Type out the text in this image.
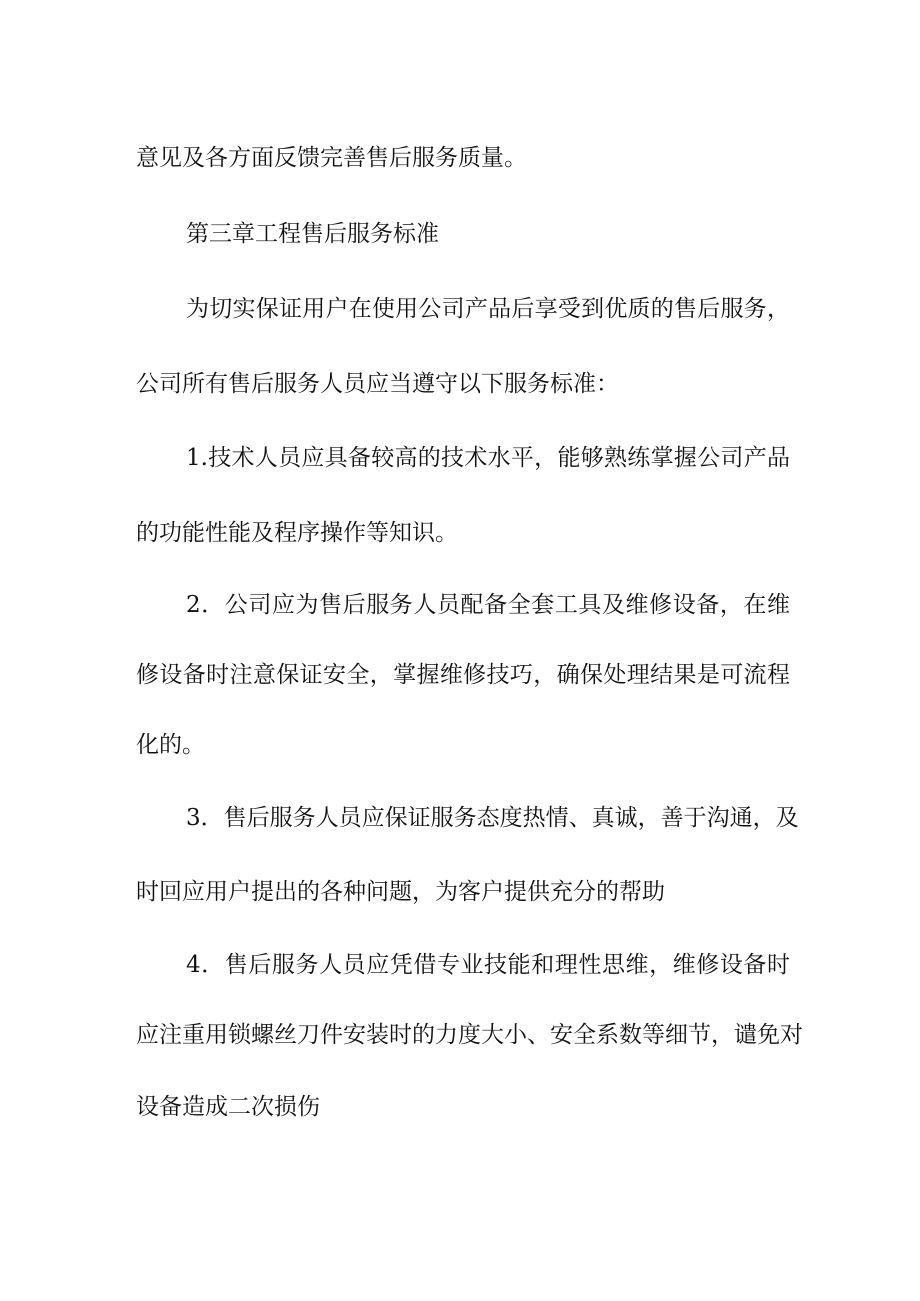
意见及各方面反馈完善售后服务质量。
第三章工程售后服务标准
为切实保证用户在使用公司产品后享受到优质的售后服务，
公司所有售后服务人员应当遵守以下服务标准：
1.技术人员应具备较高的技术水平，能够熟练掌握公司产品
的功能性能及程序操作等知识。
2．公司应为售后服务人员配备全套工具及维修设备，在维
修设备时注意保证安全，掌握维修技巧，确保处理结果是可流程
化的。
3．售后服务人员应保证服务态度热情、真诚，善于沟通，及
时回应用户提出的各种问题，为客户提供充分的帮助
4．售后服务人员应凭借专业技能和理性思维，维修设备时
应注重用锁螺丝刀件安装时的力度大小、安全系数等细节，谴免对
设备造成二次损伤
